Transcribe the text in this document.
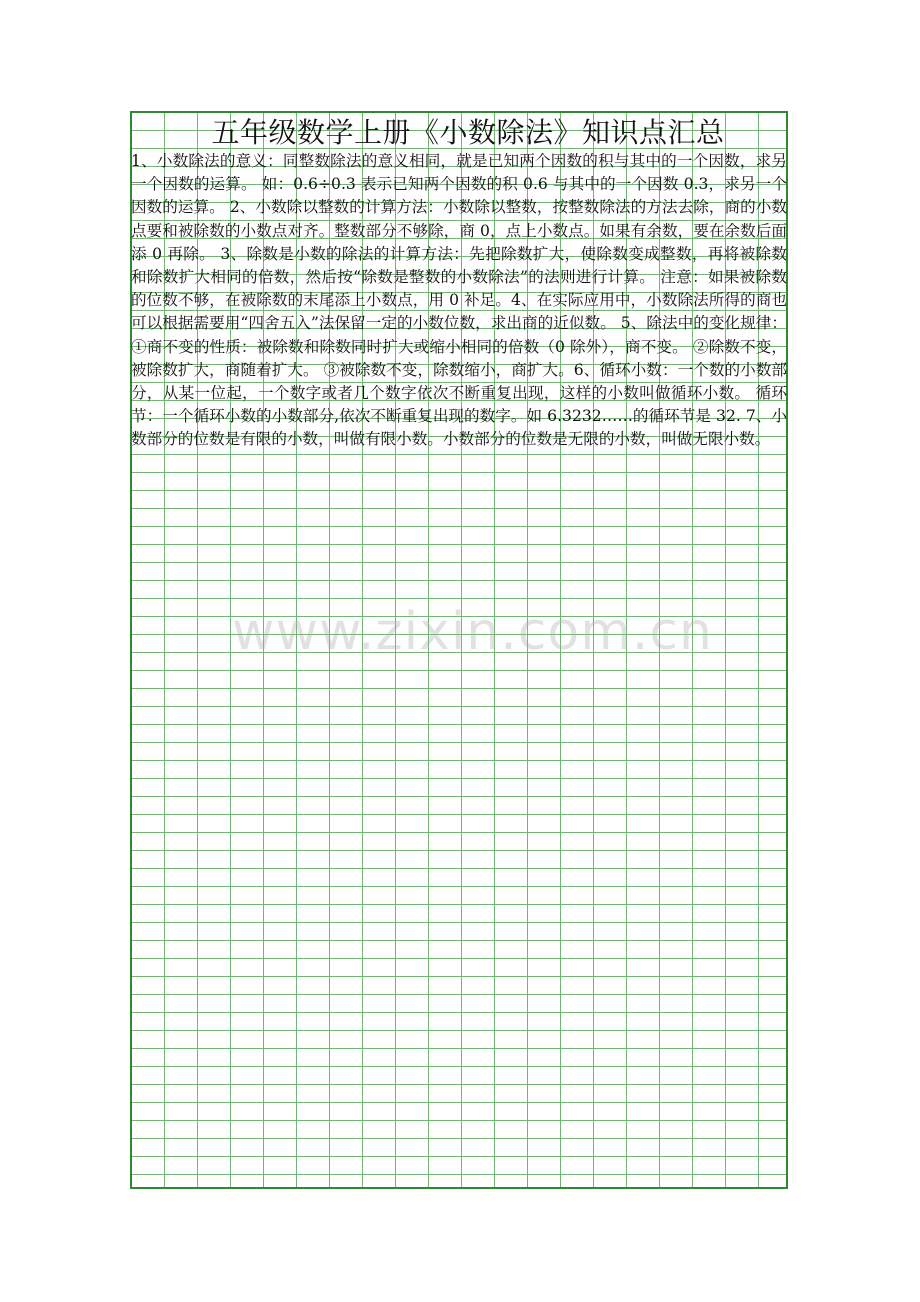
五年级数学上册《小数除法》知识点汇总
1、小数除法的意义：同整数除法的意义相同，就是已知两个因数的积与其中的一个因数，求另一个因数的运算。 如：0.6÷0.3 表示已知两个因数的积 0.6 与其中的一个因数 0.3，求另一个因数的运算。 2、小数除以整数的计算方法：小数除以整数，按整数除法的方法去除，商的小数点要和被除数的小数点对齐。整数部分不够除，商 0，点上小数点。如果有余数，要在余数后面添 0 再除。 3、除数是小数的除法的计算方法：先把除数扩大，使除数变成整数，再将被除数和除数扩大相同的倍数，然后按“除数是整数的小数除法”的法则进行计算。 注意：如果被除数的位数不够，在被除数的末尾添上小数点，用 0 补足。4、在实际应用中，小数除法所得的商也可以根据需要用“四舍五入”法保留一定的小数位数，求出商的近似数。 5、除法中的变化规律： ①商不变的性质：被除数和除数同时扩大或缩小相同的倍数（0 除外），商不变。 ②除数不变，被除数扩大，商随着扩大。 ③被除数不变，除数缩小，商扩大。6、循环小数：一个数的小数部分，从某一位起，一个数字或者几个数字依次不断重复出现，这样的小数叫做循环小数。 循环节：一个循环小数的小数部分,依次不断重复出现的数字。如 6.3232……的循环节是 32. 7、小数部分的位数是有限的小数，叫做有限小数。小数部分的位数是无限的小数，叫做无限小数。
www.zixin.com.cn
